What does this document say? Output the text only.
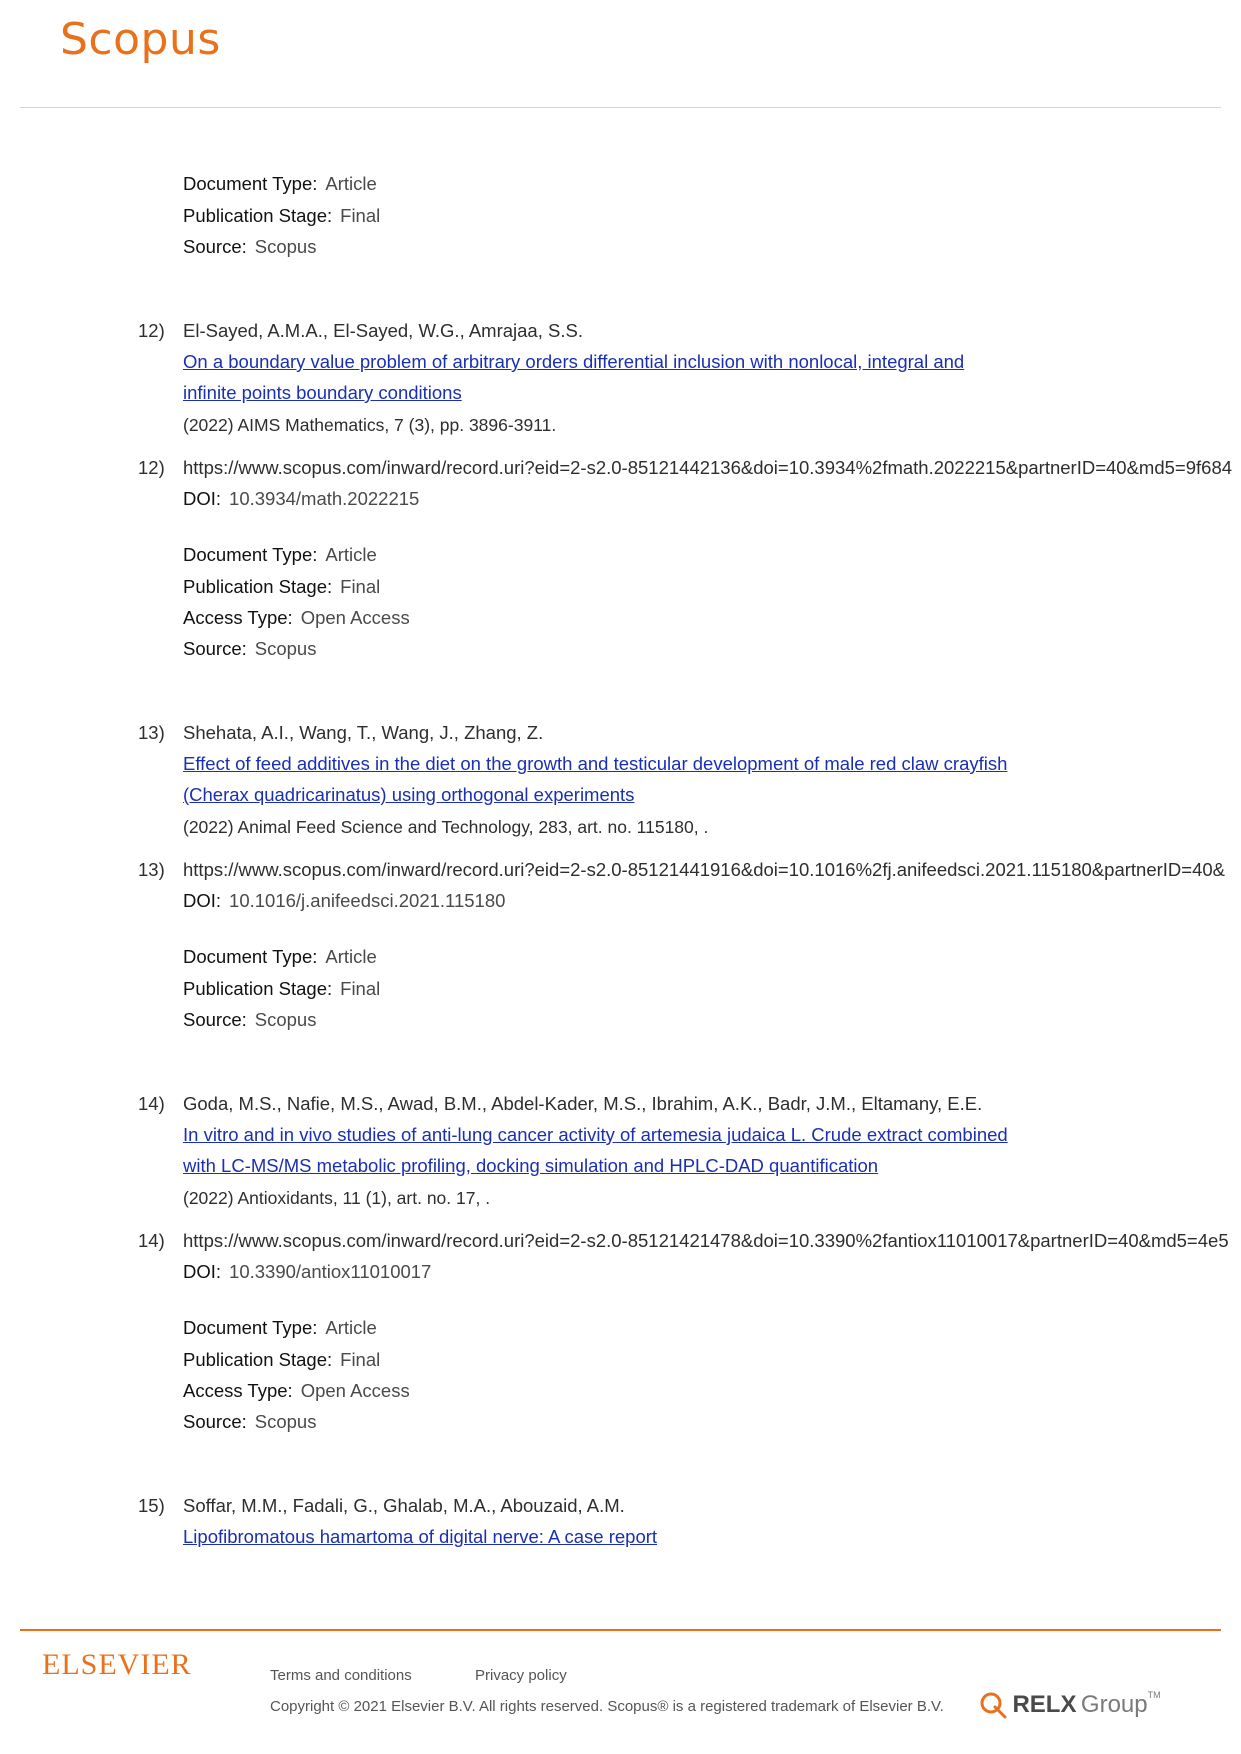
Scopus
Document Type: Article
Publication Stage: Final
Source: Scopus
12) El-Sayed, A.M.A., El-Sayed, W.G., Amrajaa, S.S.
On a boundary value problem of arbitrary orders differential inclusion with nonlocal, integral and
infinite points boundary conditions
(2022) AIMS Mathematics, 7 (3), pp. 3896-3911.
12) https://www.scopus.com/inward/record.uri?eid=2-s2.0-85121442136&doi=10.3934%2fmath.2022215&partnerID=40&md5=9f684
DOI: 10.3934/math.2022215
Document Type: Article
Publication Stage: Final
Access Type: Open Access
Source: Scopus
13) Shehata, A.I., Wang, T., Wang, J., Zhang, Z.
Effect of feed additives in the diet on the growth and testicular development of male red claw crayfish
(Cherax quadricarinatus) using orthogonal experiments
(2022) Animal Feed Science and Technology, 283, art. no. 115180, .
13) https://www.scopus.com/inward/record.uri?eid=2-s2.0-85121441916&doi=10.1016%2fj.anifeedsci.2021.115180&partnerID=40&
DOI: 10.1016/j.anifeedsci.2021.115180
Document Type: Article
Publication Stage: Final
Source: Scopus
14) Goda, M.S., Nafie, M.S., Awad, B.M., Abdel-Kader, M.S., Ibrahim, A.K., Badr, J.M., Eltamany, E.E.
In vitro and in vivo studies of anti-lung cancer activity of artemesia judaica L. Crude extract combined
with LC-MS/MS metabolic profiling, docking simulation and HPLC-DAD quantification
(2022) Antioxidants, 11 (1), art. no. 17, .
14) https://www.scopus.com/inward/record.uri?eid=2-s2.0-85121421478&doi=10.3390%2fantiox11010017&partnerID=40&md5=4e5
DOI: 10.3390/antiox11010017
Document Type: Article
Publication Stage: Final
Access Type: Open Access
Source: Scopus
15) Soffar, M.M., Fadali, G., Ghalab, M.A., Abouzaid, A.M.
Lipofibromatous hamartoma of digital nerve: A case report
ELSEVIER	Terms and conditions	Privacy policy
Copyright © 2021 Elsevier B.V. All rights reserved. Scopus® is a registered trademark of Elsevier B.V.	RELX Group™
